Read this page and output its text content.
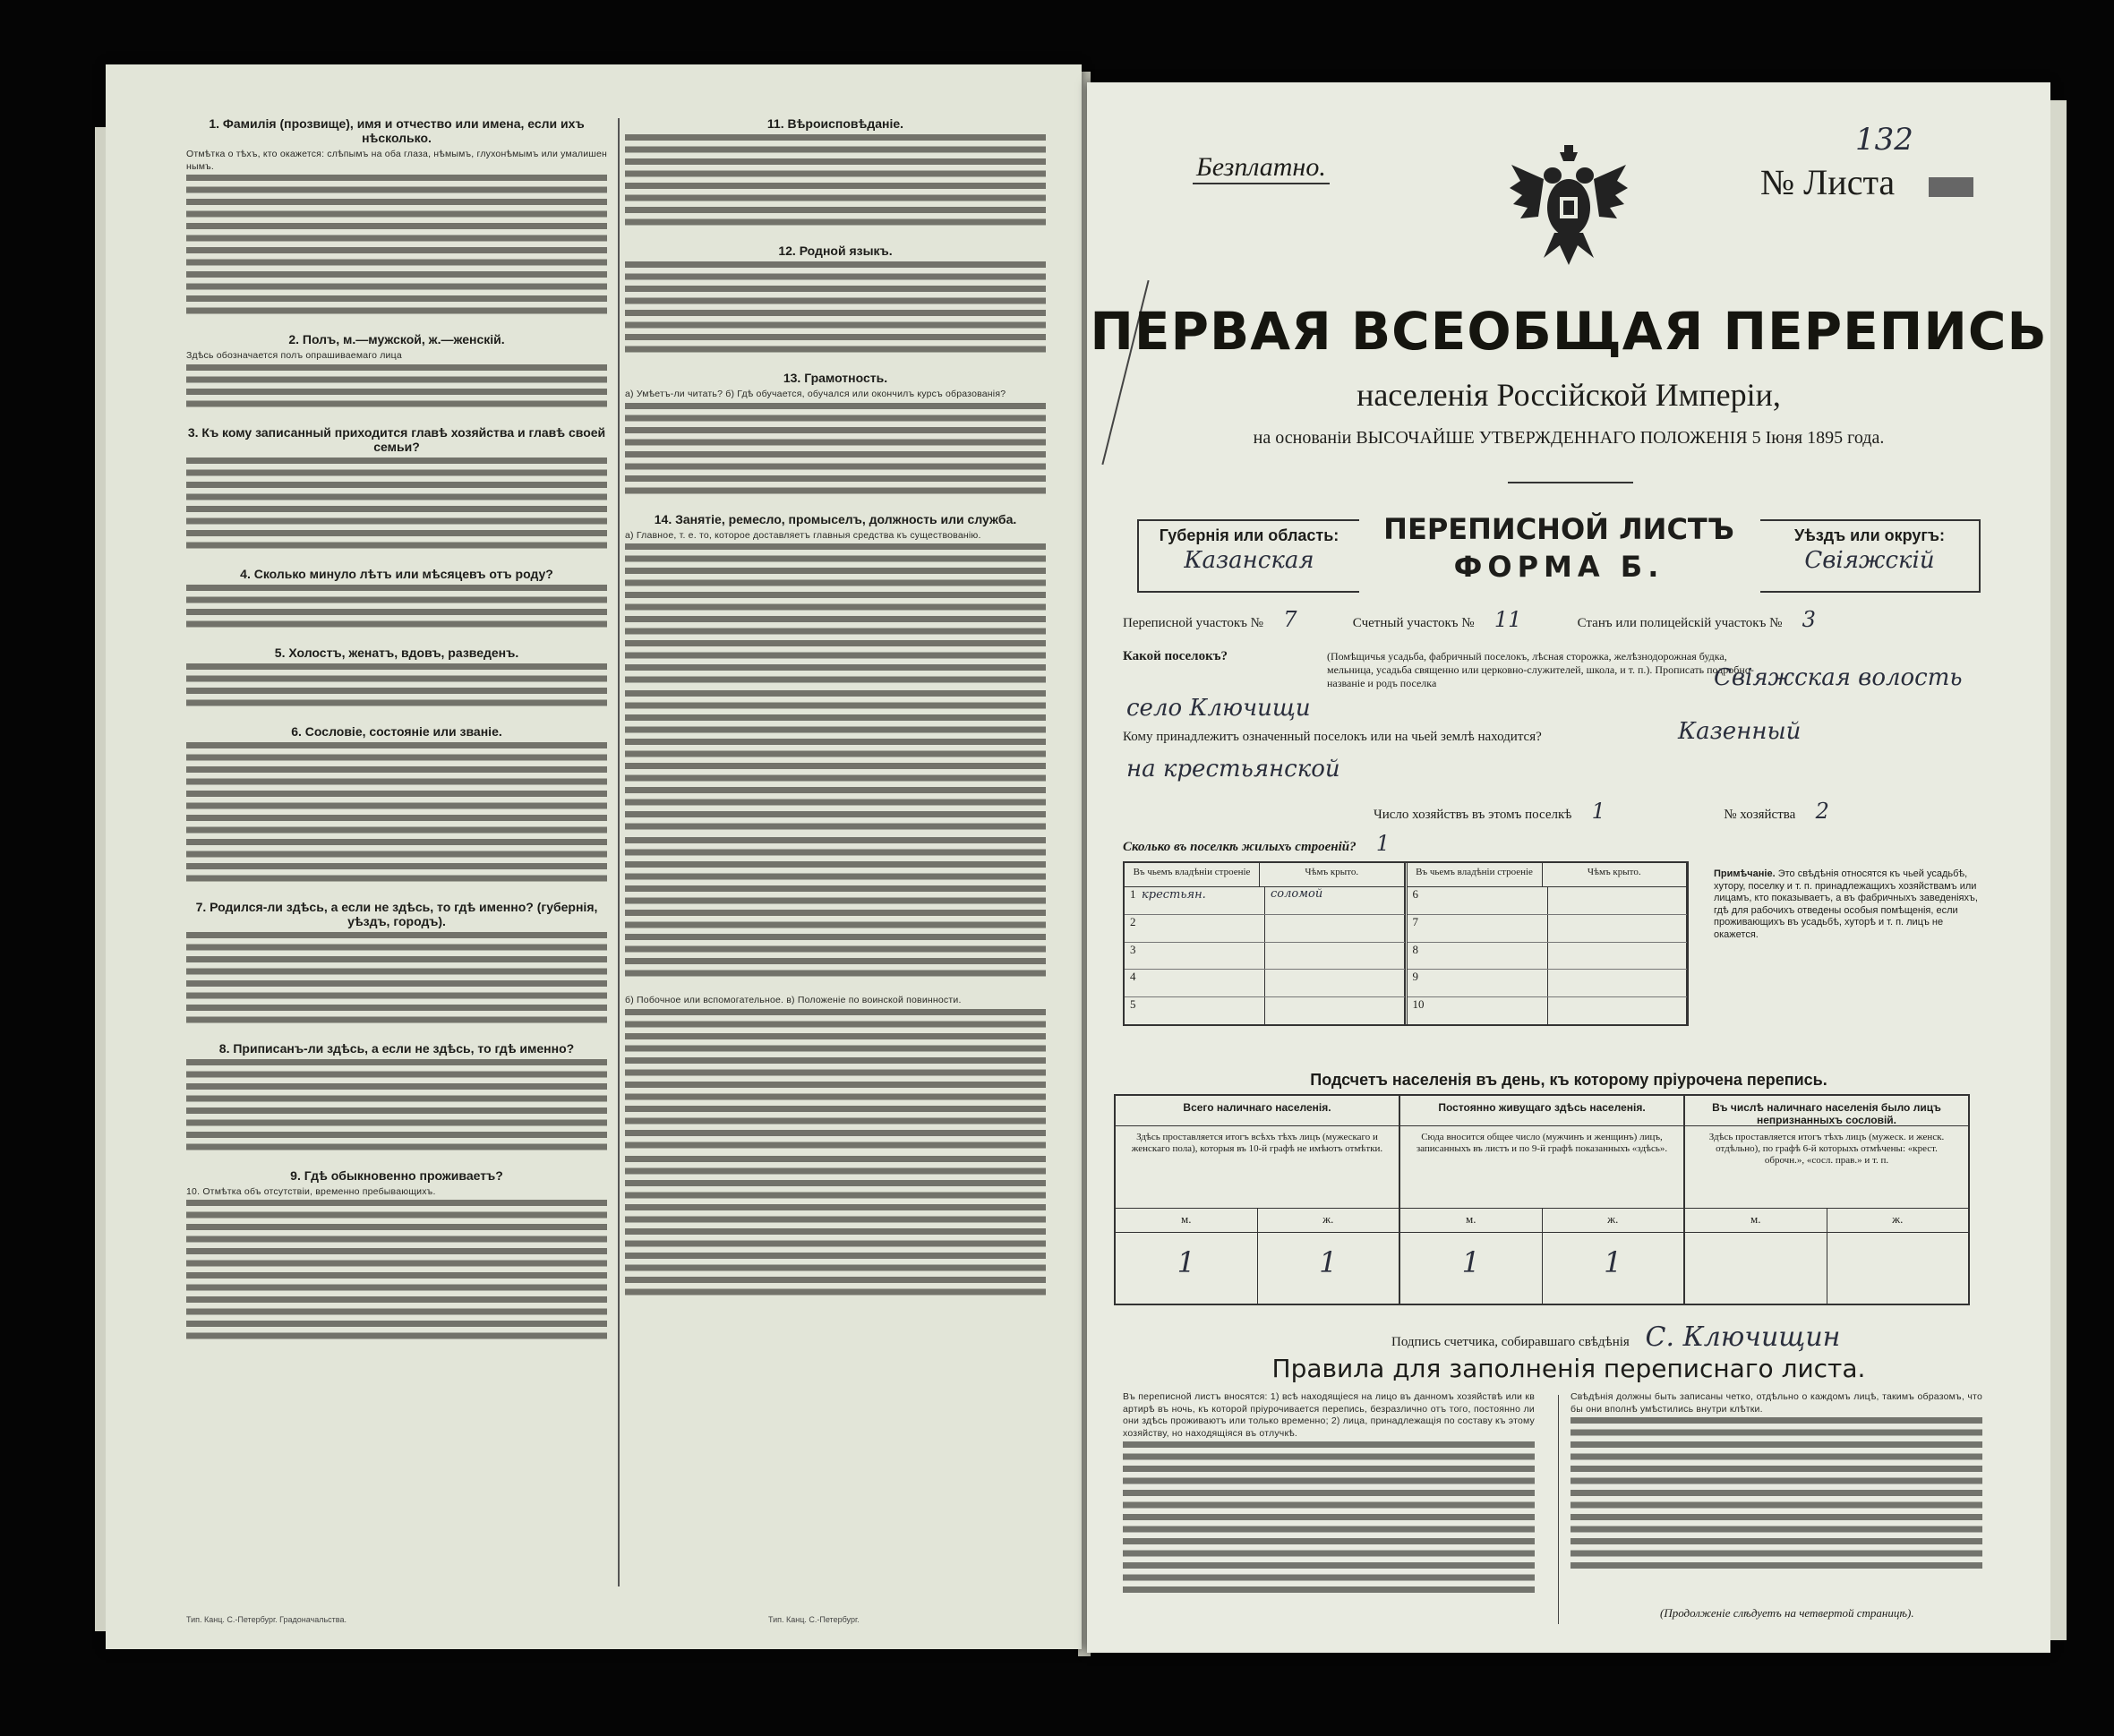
1. Фамилія (прозвище), имя и отчество или имена, если ихъ нѣсколько.
Отмѣтка о тѣхъ, кто окажется: слѣпымъ на оба глаза, нѣмымъ, глухонѣмымъ или умалишеннымъ.
2. Полъ, м.—мужской, ж.—женскій.
Здѣсь обозначается полъ опрашиваемаго лица
3. Къ кому записанный приходится главѣ хозяйства и главѣ своей семьи?
4. Сколько минуло лѣтъ или мѣсяцевъ отъ роду?
5. Холостъ, женатъ, вдовъ, разведенъ.
6. Сословіе, состояніе или званіе.
7. Родился-ли здѣсь, а если не здѣсь, то гдѣ именно? (губернія, уѣздъ, городъ).
8. Приписанъ-ли здѣсь, а если не здѣсь, то гдѣ именно?
9. Гдѣ обыкновенно проживаетъ?
10. Отмѣтка объ отсутствіи, временно пребывающихъ.
11. Вѣроисповѣданіе.
12. Родной языкъ.
13. Грамотность.
а) Умѣетъ-ли читать? б) Гдѣ обучается, обучался или окончилъ курсъ образованія?
14. Занятіе, ремесло, промыселъ, должность или служба.
а) Главное, т. е. то, которое доставляетъ главныя средства къ существованію.
б) Побочное или вспомогательное. в) Положеніе по воинской повинности.
Тип. Канц. С.-Петербург. Градоначальства.	Тип. Канц. С.-Петербург.
132
Безплатно.	№ Листа
ПЕРВАЯ ВСЕОБЩАЯ ПЕРЕПИСЬ
населенія Россійской Имперіи,
на основаніи ВЫСОЧАЙШЕ УТВЕРЖДЕННАГО ПОЛОЖЕНІЯ 5 Іюня 1895 года.
Губернія или область:
Казанская
ПЕРЕПИСНОЙ ЛИСТЪ
ФОРМА Б.
Уѣздъ или округъ:
Свіяжскій
Переписной участокъ № 7	Счетный участокъ № 11	Станъ или полицейскій участокъ № 3
Какой поселокъ?	(Помѣщичья усадьба, фабричный поселокъ, лѣсная сторожка, желѣзнодорожная будка, мельница, усадьба священно или церковно-служителей, школа, и т. п.). Прописать подробно-названіе и родъ поселка	Свіяжская волость
село Ключищи
Кому принадлежитъ означенный поселокъ или на чьей землѣ находится?	Казенный
на крестьянской
Число хозяйствъ въ этомъ поселкѣ 1	№ хозяйства 2
Сколько въ поселкѣ жилыхъ строеній? 1
Въ чьемъ владѣніи строеніе	Чѣмъ крыто.
1 крестьян.	соломой
2
3
4
5
Въ чьемъ владѣніи строеніе	Чѣмъ крыто.
6
7
8
9
10
Примѣчаніе. Это свѣдѣнія относятся къ чьей усадьбѣ, хутору, поселку и т. п. принадлежащихъ хозяйствамъ или лицамъ, кто показываетъ, а въ фабричныхъ заведеніяхъ, гдѣ для рабочихъ отведены особыя помѣщенія, если проживающихъ въ усадьбѣ, хуторѣ и т. п. лицъ не окажется.
Подсчетъ населенія въ день, къ которому пріурочена перепись.
Всего наличнаго населенія.
Здѣсь проставляется итогъ всѣхъ тѣхъ лицъ (мужескаго и женскаго пола), которыя въ 10-й графѣ не имѣютъ отмѣтки.
м.	ж.
1	1
Постоянно живущаго здѣсь населенія.
Сюда вносится общее число (мужчинъ и женщинъ) лицъ, записанныхъ въ листъ и по 9-й графѣ показанныхъ «здѣсь».
м.	ж.
1	1
Въ числѣ наличнаго населенія было лицъ непризнанныхъ сословій.
Здѣсь проставляется итогъ тѣхъ лицъ (мужеск. и женск. отдѣльно), по графѣ 6-й которыхъ отмѣчены: «крест. оброчн.», «сосл. прав.» и т. п.
м.	ж.
Подпись счетчика, собиравшаго свѣдѣнія С. Ключищин
Правила для заполненія переписнаго листа.
Въ переписной листъ вносятся: 1) всѣ находящіеся на лицо въ данномъ хозяйствѣ или квартирѣ въ ночь, къ которой пріурочивается перепись, безразлично отъ того, постоянно ли они здѣсь проживаютъ или только временно; 2) лица, принадлежащія по составу къ этому хозяйству, но находящіяся въ отлучкѣ.
Свѣдѣнія должны быть записаны четко, отдѣльно о каждомъ лицѣ, такимъ образомъ, чтобы они вполнѣ умѣстились внутри клѣтки.
(Продолженіе слѣдуетъ на четвертой страницѣ).
